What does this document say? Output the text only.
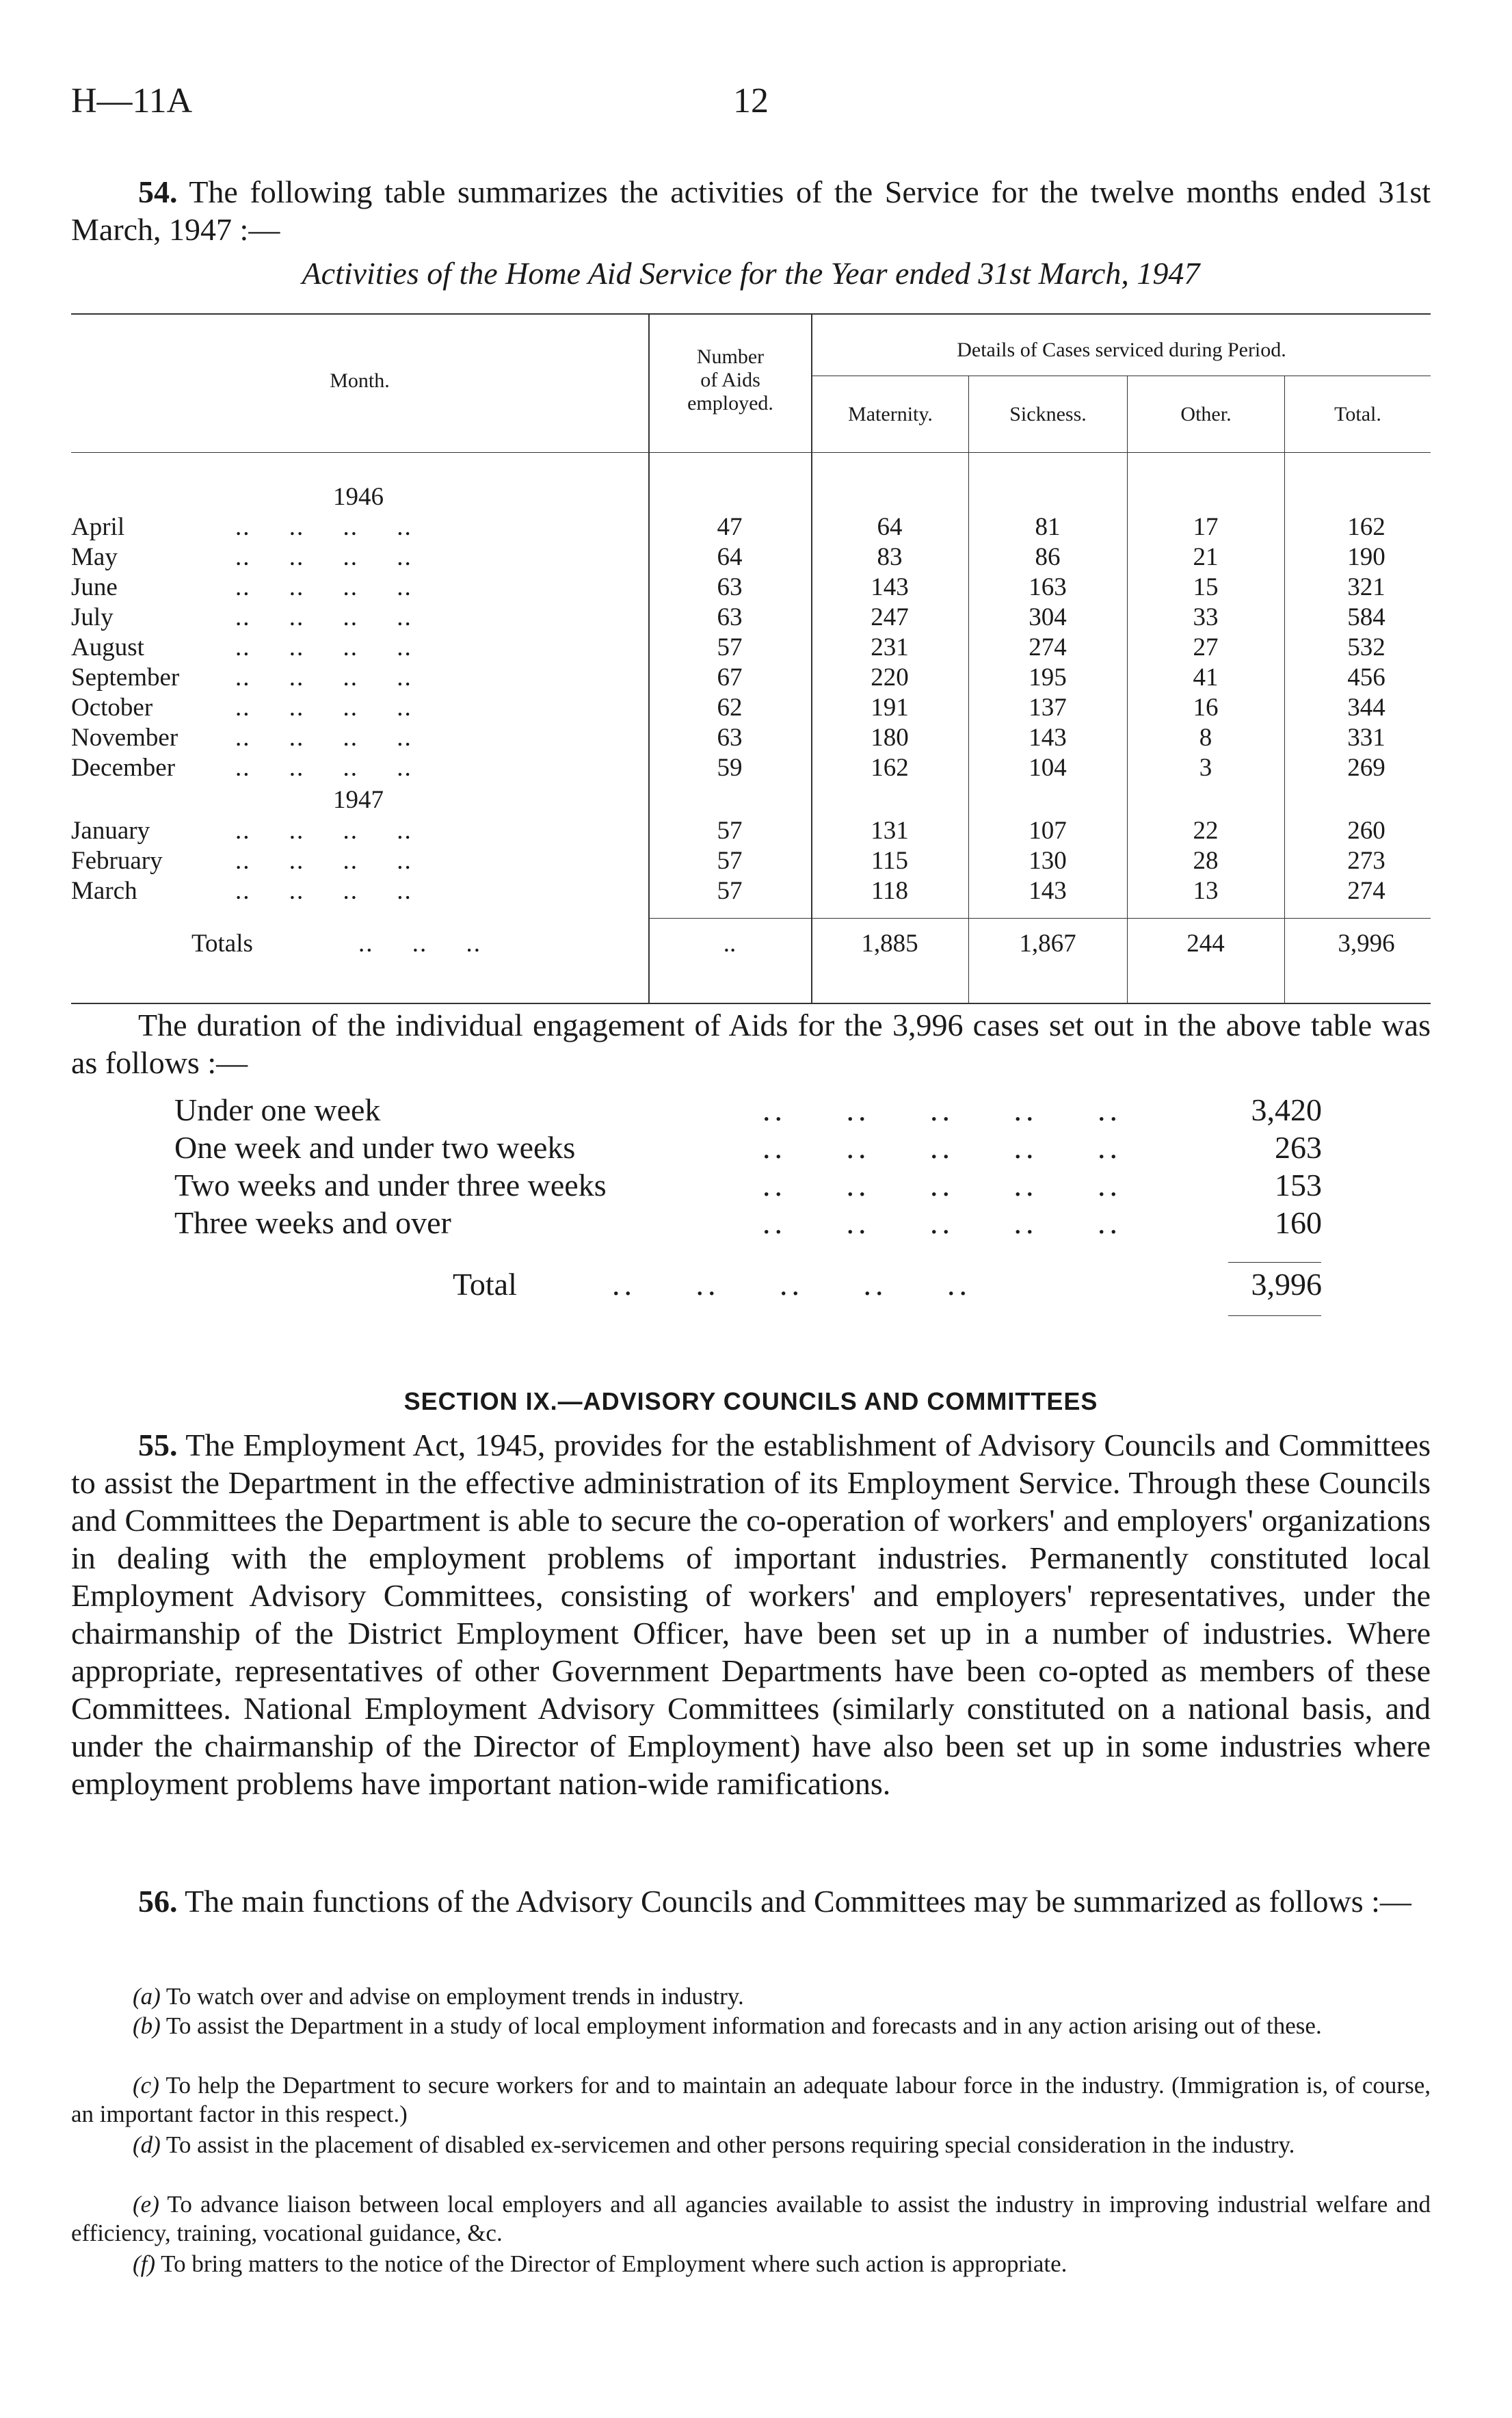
H—11A	12
54. The following table summarizes the activities of the Service for the twelve months ended 31st March, 1947 :—
Activities of the Home Aid Service for the Year ended 31st March, 1947
Month.
Number
of Aids
employed.
Details of Cases serviced during Period.
Maternity.	Sickness.	Other.	Total.
1946
1947
April	..     ..     ..     ..	47	64	81	17	162
May	..     ..     ..     ..	64	83	86	21	190
June	..     ..     ..     ..	63	143	163	15	321
July	..     ..     ..     ..	63	247	304	33	584
August	..     ..     ..     ..	57	231	274	27	532
September ..     ..     ..     ..	67	220	195	41	456
October	..     ..     ..     ..	62	191	137	16	344
November ..     ..     ..     ..	63	180	143	8	331
December ..     ..     ..     ..	59	162	104	3	269
January	..     ..     ..     ..	57	131	107	22	260
February	..     ..     ..     ..	57	115	130	28	273
March	..     ..     ..     ..	57	118	143	13	274
Totals	..     ..     ..	..	1,885	1,867	244	3,996
The duration of the individual engagement of Aids for the 3,996 cases set out in the above table was as follows :—
Under one week	..     ..     ..     ..     ..	3,420
One week and under two weeks	..     ..     ..     ..     ..	263
Two weeks and under three weeks	..     ..     ..     ..     ..	153
Three weeks and over	..     ..     ..     ..     ..	160
Total	..     ..     ..     ..     ..	3,996
SECTION IX.—ADVISORY COUNCILS AND COMMITTEES
55. The Employment Act, 1945, provides for the establishment of Advisory Councils and Committees to assist the Department in the effective administration of its Employment Service. Through these Councils and Committees the Department is able to secure the co-operation of workers' and employers' organizations in dealing with the employment problems of important industries. Permanently constituted local Employment Advisory Committees, consisting of workers' and employers' representatives, under the chairmanship of the District Employment Officer, have been set up in a number of industries. Where appropriate, representatives of other Government Departments have been co-opted as members of these Committees. National Employment Advisory Committees (similarly constituted on a national basis, and under the chairmanship of the Director of Employment) have also been set up in some industries where employment problems have important nation-wide ramifications.
56. The main functions of the Advisory Councils and Committees may be summarized as follows :—
(a) To watch over and advise on employment trends in industry.
(b) To assist the Department in a study of local employment information and forecasts and in any action arising out of these.
(c) To help the Department to secure workers for and to maintain an adequate labour force in the industry. (Immigration is, of course, an important factor in this respect.)
(d) To assist in the placement of disabled ex-servicemen and other persons requiring special consideration in the industry.
(e) To advance liaison between local employers and all agancies available to assist the industry in improving industrial welfare and efficiency, training, vocational guidance, &c.
(f) To bring matters to the notice of the Director of Employment where such action is appropriate.
